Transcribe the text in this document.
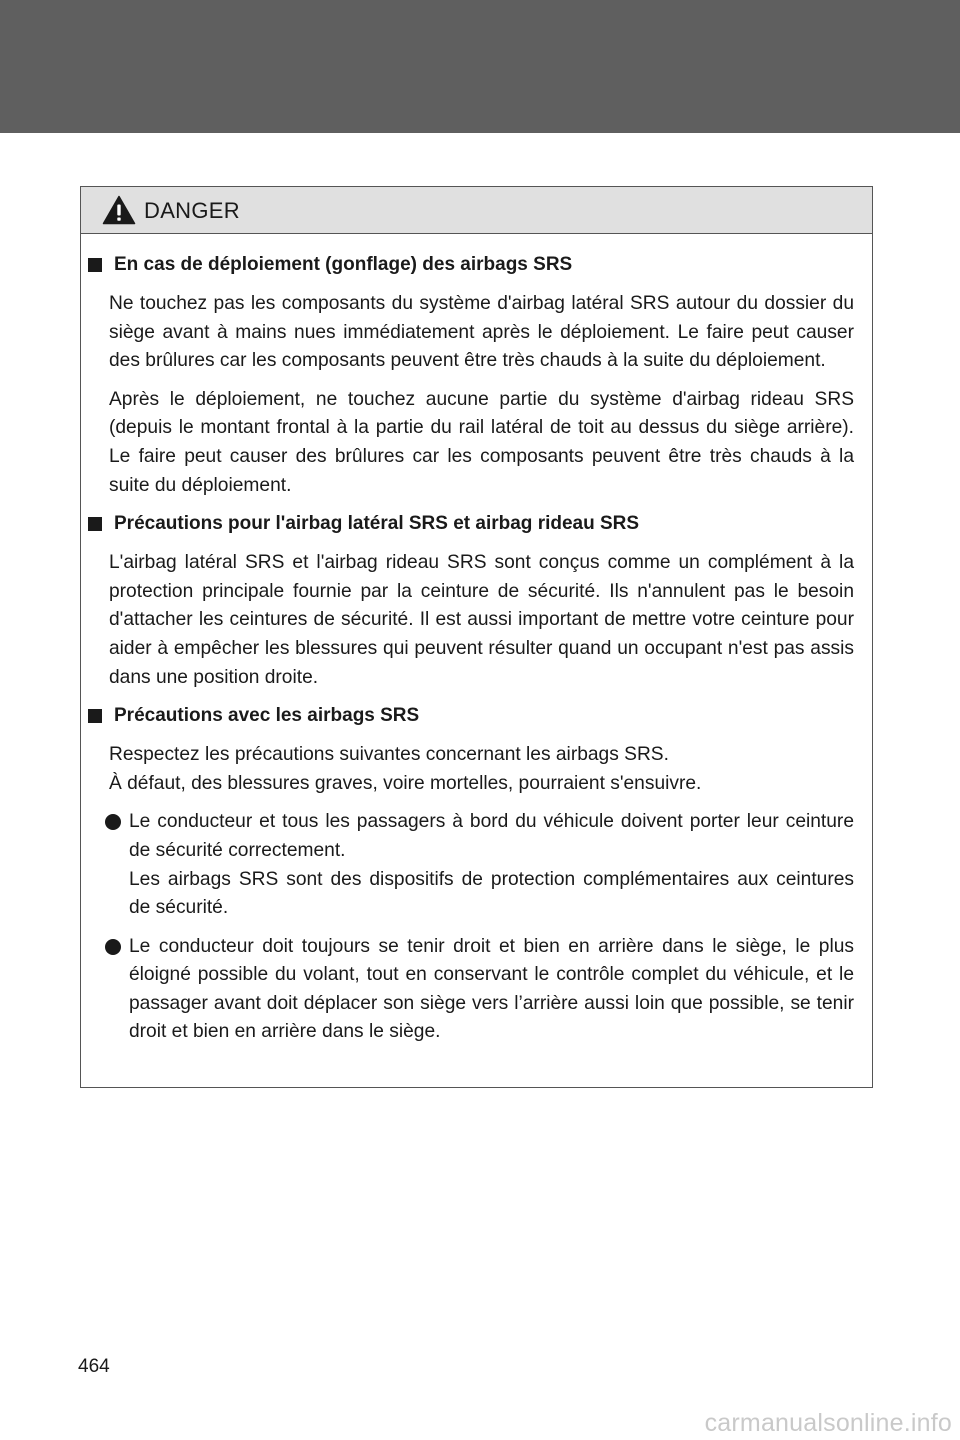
DANGER
En cas de déploiement (gonflage) des airbags SRS

Ne touchez pas les composants du système d'airbag latéral SRS autour du dossier du siège avant à mains nues immédiatement après le déploiement. Le faire peut causer des brûlures car les composants peuvent être très chauds à la suite du déploiement.

Après le déploiement, ne touchez aucune partie du système d'airbag rideau SRS (depuis le montant frontal à la partie du rail latéral de toit au dessus du siège arrière). Le faire peut causer des brûlures car les composants peuvent être très chauds à la suite du déploiement.

Précautions pour l'airbag latéral SRS et airbag rideau SRS

L'airbag latéral SRS et l'airbag rideau SRS sont conçus comme un complément à la protection principale fournie par la ceinture de sécurité. Ils n'annulent pas le besoin d'attacher les ceintures de sécurité. Il est aussi important de mettre votre ceinture pour aider à empêcher les blessures qui peuvent résulter quand un occupant n'est pas assis dans une position droite.

Précautions avec les airbags SRS

Respectez les précautions suivantes concernant les airbags SRS.
À défaut, des blessures graves, voire mortelles, pourraient s'ensuivre.

Le conducteur et tous les passagers à bord du véhicule doivent porter leur ceinture de sécurité correctement.
Les airbags SRS sont des dispositifs de protection complémentaires aux ceintures de sécurité.
Le conducteur doit toujours se tenir droit et bien en arrière dans le siège, le plus éloigné possible du volant, tout en conservant le contrôle complet du véhicule, et le passager avant doit déplacer son siège vers l’arrière aussi loin que possible, se tenir droit et bien en arrière dans le siège.
464
carmanualsonline.info
